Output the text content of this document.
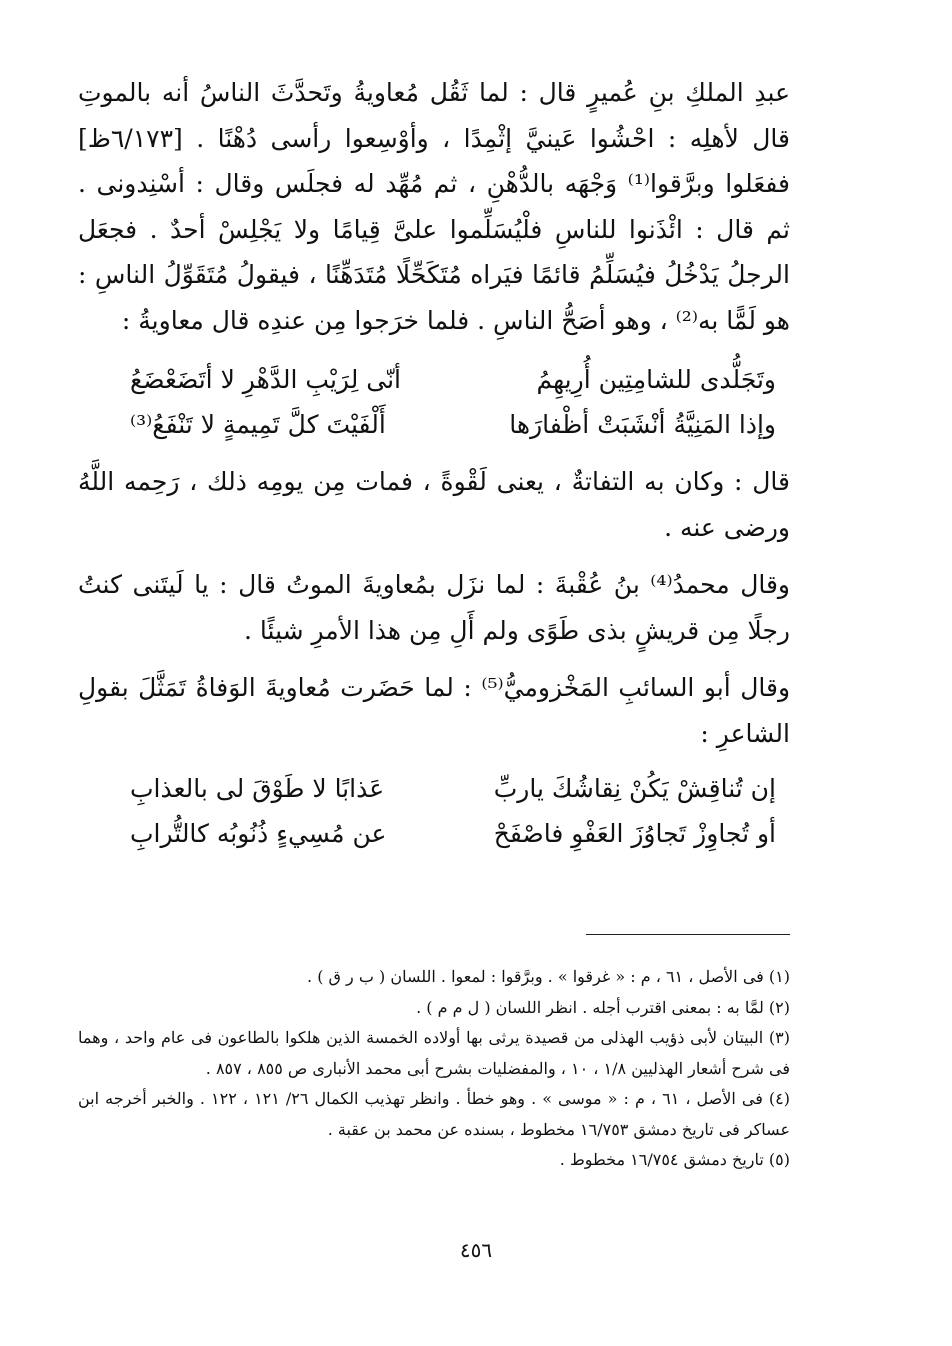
عبدِ الملكِ بنِ عُميرٍ قال : لما ثَقُل مُعاويةُ وتَحدَّثَ الناسُ أنه بالموتِ قال لأهلِه : احْشُوا عَينيَّ إثْمِدًا ، وأوْسِعوا رأسى دُهْنًا . [٦/١٧٣ظ] ففعَلوا وبرَّقوا⁽¹⁾ وَجْهَه بالدُّهْنِ ، ثم مُهِّد له فجلَس وقال : أسْنِدونى . ثم قال : ائْذَنوا للناسِ فلْيُسَلِّموا علىَّ قِيامًا ولا يَجْلِسْ أحدٌ . فجعَل الرجلُ يَدْخُلُ فيُسَلِّمُ قائمًا فيَراه مُتَكَحِّلًا مُتَدَهِّنًا ، فيقولُ مُتَقَوِّلُ الناسِ : هو لَمًّا به⁽²⁾ ، وهو أصَحُّ الناسِ . فلما خرَجوا مِن عندِه قال معاويةُ :

وتَجَلُّدى للشامِتِين أُرِيهِمُ
أنّى لِرَيْبِ الدَّهْرِ لا أتَضَعْضَعُ
وإذا المَنِيَّةُ أنْشَبَتْ أظْفارَها
أَلْفَيْتَ كلَّ تَمِيمةٍ لا تَنْفَعُ⁽³⁾

قال : وكان به التفاتةٌ ، يعنى لَقْوةً ، فمات مِن يومِه ذلك ، رَحِمه اللَّهُ ورضى عنه .

وقال محمدُ⁽⁴⁾ بنُ عُقْبةَ : لما نزَل بمُعاويةَ الموتُ قال : يا لَيتَنى كنتُ رجلًا مِن قريشٍ بذى طَوًى ولم أَلِ مِن هذا الأمرِ شيئًا .

وقال أبو السائبِ المَخْزوميُّ⁽⁵⁾ : لما حَضَرت مُعاويةَ الوَفاةُ تَمَثَّلَ بقولِ الشاعرِ :

إن تُناقِشْ يَكُنْ نِقاشُكَ ياربِّ
عَذابًا لا طَوْقَ لى بالعذابِ
أو تُجاوِزْ تَجاوُزَ العَفْوِ فاصْفَحْ
عن مُسِيءٍ ذُنُوبُه كالتُّرابِ

(١) فى الأصل ، ٦١ ، م : « غرقوا » . وبرَّقوا : لمعوا . اللسان ( ب ر ق ) .

(٢) لمَّا به : بمعنى اقترب أجله . انظر اللسان ( ل م م ) .

(٣) البيتان لأبى ذؤيب الهذلى من قصيدة يرثى بها أولاده الخمسة الذين هلكوا بالطاعون فى عام واحد ، وهما فى شرح أشعار الهذليين ١/٨ ، ١٠ ، والمفضليات بشرح أبى محمد الأنبارى ص ٨٥٥ ، ٨٥٧ .

(٤) فى الأصل ، ٦١ ، م : « موسى » . وهو خطأ . وانظر تهذيب الكمال ٢٦/ ١٢١ ، ١٢٢ . والخبر أخرجه ابن عساكر فى تاريخ دمشق ١٦/٧٥٣ مخطوط ، بسنده عن محمد بن عقبة .

(٥) تاريخ دمشق ١٦/٧٥٤ مخطوط .

٤٥٦
